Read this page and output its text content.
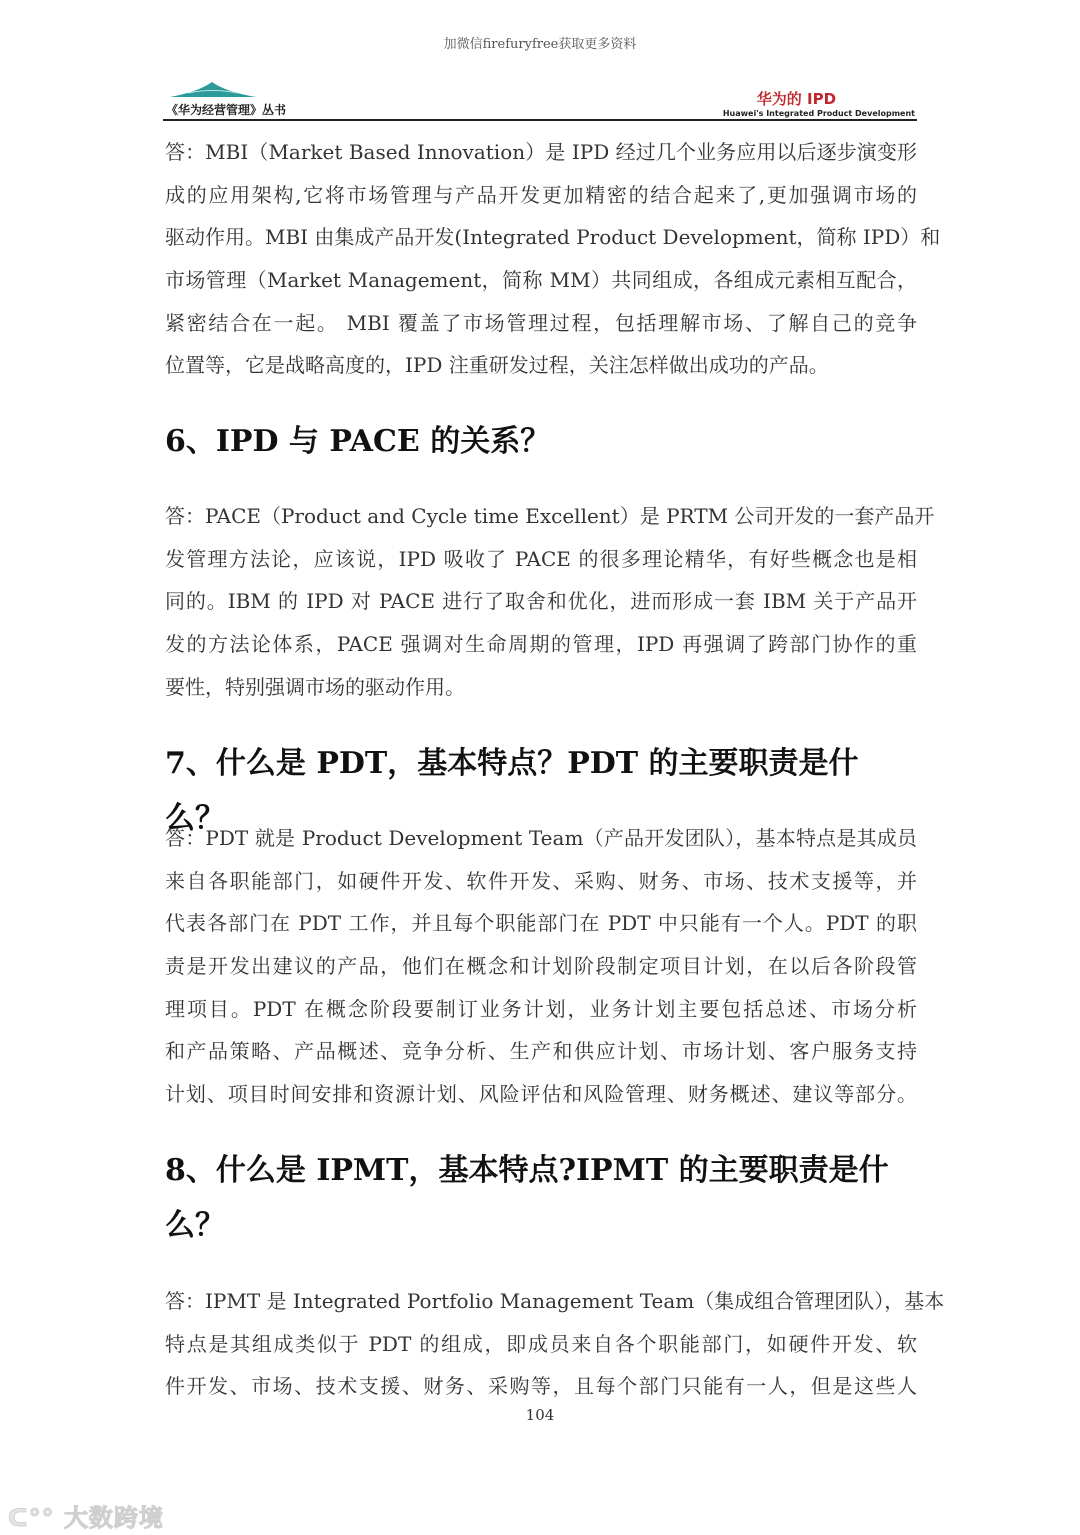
加微信firefuryfree获取更多资料
《华为经营管理》丛书
华为的 IPD
Huawei's Integrated Product Development
答：MBI（Market Based Innovation）是 IPD 经过几个业务应用以后逐步演变形
成的应用架构,它将市场管理与产品开发更加精密的结合起来了,更加强调市场的
驱动作用。MBI 由集成产品开发(Integrated Product Development，简称 IPD）和
市场管理（Market Management，简称 MM）共同组成，各组成元素相互配合，
紧密结合在一起。 MBI 覆盖了市场管理过程，包括理解市场、了解自己的竞争
位置等，它是战略高度的，IPD 注重研发过程，关注怎样做出成功的产品。
6、IPD 与 PACE 的关系？
答：PACE（Product and Cycle time Excellent）是 PRTM 公司开发的一套产品开
发管理方法论，应该说，IPD 吸收了 PACE 的很多理论精华，有好些概念也是相
同的。IBM 的 IPD 对 PACE 进行了取舍和优化，进而形成一套 IBM 关于产品开
发的方法论体系，PACE 强调对生命周期的管理，IPD 再强调了跨部门协作的重
要性，特别强调市场的驱动作用。
7、什么是 PDT，基本特点？PDT 的主要职责是什么？
答：PDT 就是 Product Development Team（产品开发团队），基本特点是其成员
来自各职能部门，如硬件开发、软件开发、采购、财务、市场、技术支援等，并
代表各部门在 PDT 工作，并且每个职能部门在 PDT 中只能有一个人。PDT 的职
责是开发出建议的产品，他们在概念和计划阶段制定项目计划，在以后各阶段管
理项目。PDT 在概念阶段要制订业务计划，业务计划主要包括总述、市场分析
和产品策略、产品概述、竞争分析、生产和供应计划、市场计划、客户服务支持
计划、项目时间安排和资源计划、风险评估和风险管理、财务概述、建议等部分。
8、什么是 IPMT，基本特点?IPMT 的主要职责是什
么？
答：IPMT 是 Integrated Portfolio Management Team（集成组合管理团队），基本
特点是其组成类似于 PDT 的组成，即成员来自各个职能部门，如硬件开发、软
件开发、市场、技术支援、财务、采购等，且每个部门只能有一人，但是这些人
104
ᑕ°° 大数跨境
